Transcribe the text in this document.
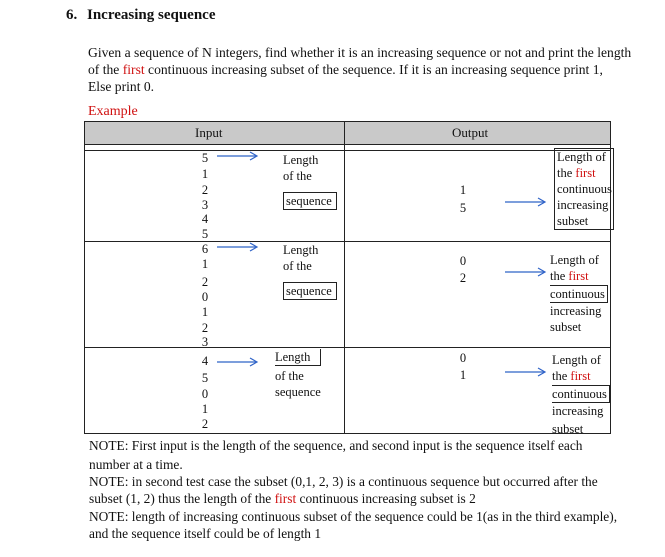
6. Increasing sequence
Given a sequence of N integers, find whether it is an increasing sequence or not and print the length
of the first continuous increasing subset of the sequence. If it is an increasing sequence print 1,
Else print 0.
Example
Input	Output
5
1
2
3
4
5
Length
of the
sequence
1
5
Length of
the first
continuous
increasing
subset
6
1
2
0
1
2
3
Length
of the
sequence
0
2
Length of
the first
continuous
increasing
subset
4
5
0
1
2
Length
of the
sequence
0
1
Length of
the first
continuous
increasing
subset
NOTE: First input is the length of the sequence, and second input is the sequence itself each
number at a time.
NOTE: in second test case the subset (0,1, 2, 3) is a continuous sequence but occurred after the
subset (1, 2) thus the length of the first continuous increasing subset is 2
NOTE: length of increasing continuous subset of the sequence could be 1(as in the third example),
and the sequence itself could be of length 1
